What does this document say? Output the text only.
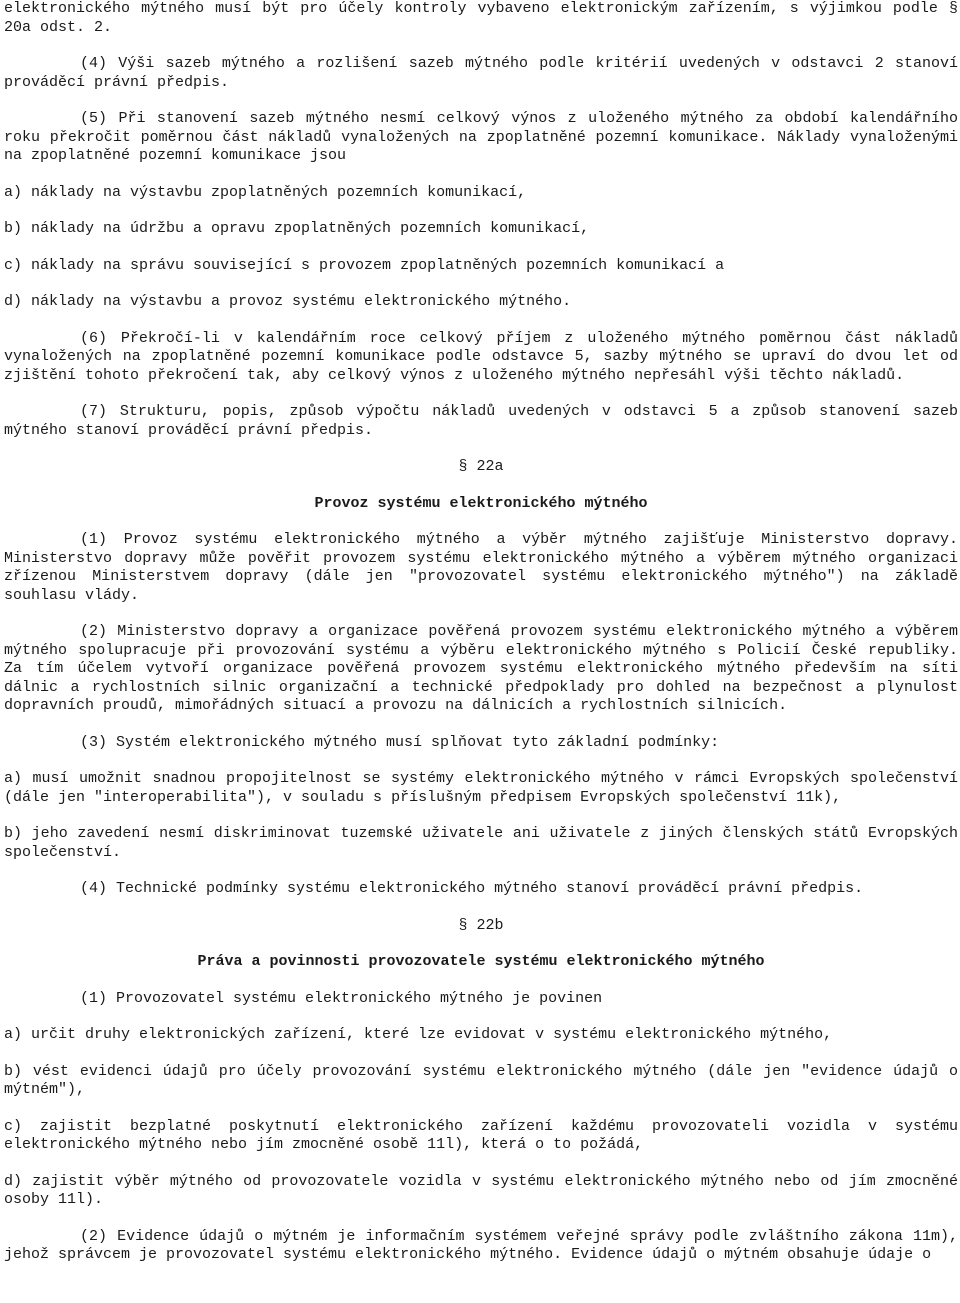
elektronického mýtného musí být pro účely kontroly vybaveno elektronickým zařízením, s výjimkou podle § 20a odst. 2.

(4) Výši sazeb mýtného a rozlišení sazeb mýtného podle kritérií uvedených v odstavci 2 stanoví prováděcí právní předpis.

(5) Při stanovení sazeb mýtného nesmí celkový výnos z uloženého mýtného za období kalendářního roku překročit poměrnou část nákladů vynaložených na zpoplatněné pozemní komunikace. Náklady vynaloženými na zpoplatněné pozemní komunikace jsou

a) náklady na výstavbu zpoplatněných pozemních komunikací,

b) náklady na údržbu a opravu zpoplatněných pozemních komunikací,

c) náklady na správu související s provozem zpoplatněných pozemních komunikací a

d) náklady na výstavbu a provoz systému elektronického mýtného.

(6) Překročí-li v kalendářním roce celkový příjem z uloženého mýtného poměrnou část nákladů vynaložených na zpoplatněné pozemní komunikace podle odstavce 5, sazby mýtného se upraví do dvou let od zjištění tohoto překročení tak, aby celkový výnos z uloženého mýtného nepřesáhl výši těchto nákladů.

(7) Strukturu, popis, způsob výpočtu nákladů uvedených v odstavci 5 a způsob stanovení sazeb mýtného stanoví prováděcí právní předpis.

§ 22a

Provoz systému elektronického mýtného

(1) Provoz systému elektronického mýtného a výběr mýtného zajišťuje Ministerstvo dopravy. Ministerstvo dopravy může pověřit provozem systému elektronického mýtného a výběrem mýtného organizaci zřízenou Ministerstvem dopravy (dále jen "provozovatel systému elektronického mýtného") na základě souhlasu vlády.

(2) Ministerstvo dopravy a organizace pověřená provozem systému elektronického mýtného a výběrem mýtného spolupracuje při provozování systému a výběru elektronického mýtného s Policií České republiky. Za tím účelem vytvoří organizace pověřená provozem systému elektronického mýtného především na síti dálnic a rychlostních silnic organizační a technické předpoklady pro dohled na bezpečnost a plynulost dopravních proudů, mimořádných situací a provozu na dálnicích a rychlostních silnicích.

(3) Systém elektronického mýtného musí splňovat tyto základní podmínky:

a) musí umožnit snadnou propojitelnost se systémy elektronického mýtného v rámci Evropských společenství (dále jen "interoperabilita"), v souladu s příslušným předpisem Evropských společenství 11k),

b) jeho zavedení nesmí diskriminovat tuzemské uživatele ani uživatele z jiných členských států Evropských společenství.

(4) Technické podmínky systému elektronického mýtného stanoví prováděcí právní předpis.

§ 22b

Práva a povinnosti provozovatele systému elektronického mýtného

(1) Provozovatel systému elektronického mýtného je povinen

a) určit druhy elektronických zařízení, které lze evidovat v systému elektronického mýtného,

b) vést evidenci údajů pro účely provozování systému elektronického mýtného (dále jen "evidence údajů o mýtném"),

c) zajistit bezplatné poskytnutí elektronického zařízení každému provozovateli vozidla v systému elektronického mýtného nebo jím zmocněné osobě 11l), která o to požádá,

d) zajistit výběr mýtného od provozovatele vozidla v systému elektronického mýtného nebo od jím zmocněné osoby 11l).

(2) Evidence údajů o mýtném je informačním systémem veřejné správy podle zvláštního zákona 11m), jehož správcem je provozovatel systému elektronického mýtného. Evidence údajů o mýtném obsahuje údaje o
